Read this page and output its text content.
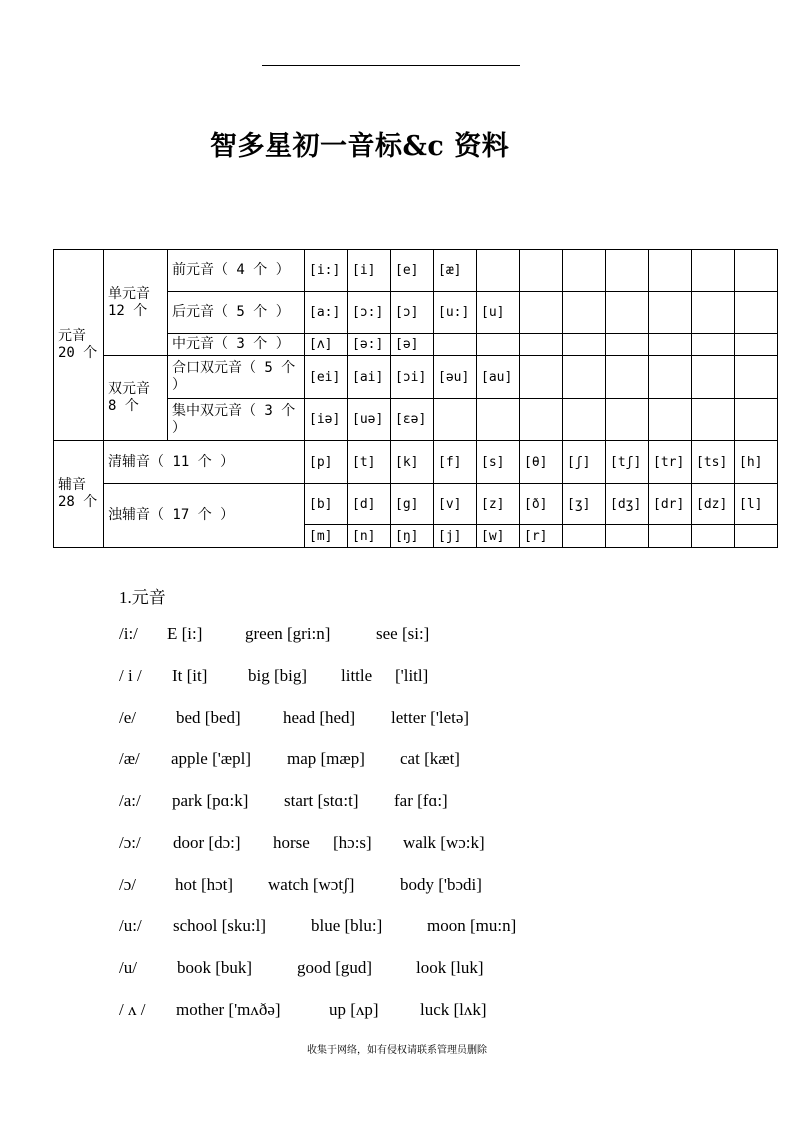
智多星初一音标&c 资料
元音 20 个	单元音 12 个	前元音（ 4 个 ）	[i:]	[i]	[e]	[æ]							
		后元音（ 5 个 ）	[a:]	[ɔ:]	[ɔ]	[u:]	[u]						
		中元音（ 3 个 ）	[ʌ]	[ə:]	[ə]								
	双元音 8 个	合口双元音（ 5 个 ）	[ei]	[ai]	[ɔi]	[əu]	[au]						
		集中双元音（ 3 个 ）	[iə]	[uə]	[εə]								
辅音 28 个	清辅音（ 11 个 ）		[p]	[t]	[k]	[f]	[s]	[θ]	[ʃ]	[tʃ]	[tr]	[ts]	[h]
	浊辅音（ 17 个 ）		[b]	[d]	[g]	[v]	[z]	[ð]	[ʒ]	[dʒ]	[dr]	[dz]	[l]
			[m]	[n]	[ŋ]	[j]	[w]	[r]					
1.元音
/i:/ E [i:]	green [gri:n]	see [si:]
/ i / It [it] big [big] little ['litl]
/e/ bed [bed] head [hed] letter ['letə]
/æ/ apple ['æpl] map [mæp] cat [kæt]
/a:/ park [pɑ:k] start [stɑ:t] far [fɑ:]
/ɔ:/ door [dɔ:] horse [hɔ:s] walk [wɔ:k]
/ɔ/ hot [hɔt] watch [wɔtʃ]	body ['bɔdi]
/u:/ school [sku:l]	blue [blu:]	moon [mu:n]
/u/ book [buk]	good [gud]	look [luk]
/ ʌ / mother ['mʌðə]	up [ʌp] luck [lʌk]
收集于网络，如有侵权请联系管理员删除
